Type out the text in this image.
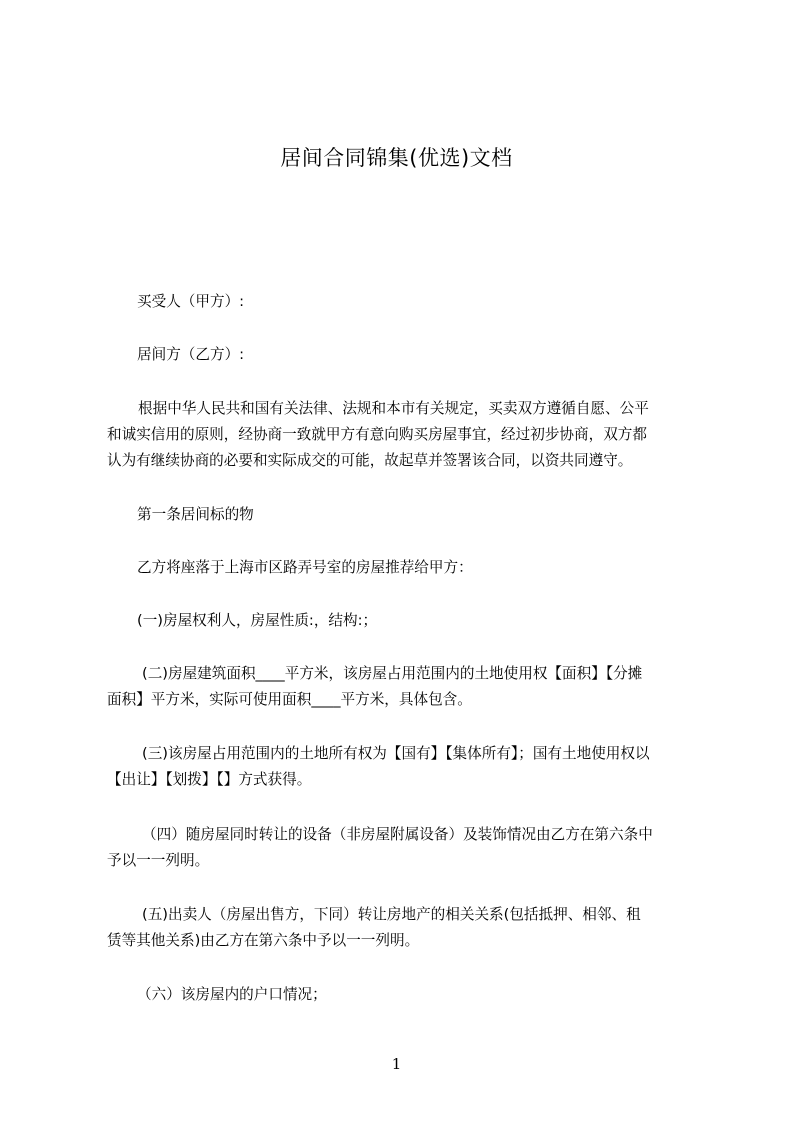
居间合同锦集(优选)文档
买受人（甲方）:
居间方（乙方）:
根据中华人民共和国有关法律、法规和本市有关规定，买卖双方遵循自愿、公平
和诚实信用的原则，经协商一致就甲方有意向购买房屋事宜，经过初步协商，双方都
认为有继续协商的必要和实际成交的可能，故起草并签署该合同，以资共同遵守。
第一条居间标的物
乙方将座落于上海市区路弄号室的房屋推荐给甲方：
(一)房屋权利人，房屋性质:，结构:；
(二)房屋建筑面积____平方米，该房屋占用范围内的土地使用权【面积】【分摊
面积】平方米，实际可使用面积____平方米，具体包含。
(三)该房屋占用范围内的土地所有权为【国有】【集体所有】；国有土地使用权以
【出让】【划拨】【】方式获得。
（四）随房屋同时转让的设备（非房屋附属设备）及装饰情况由乙方在第六条中
予以一一列明。
(五)出卖人（房屋出售方，下同）转让房地产的相关关系(包括抵押、相邻、租
赁等其他关系)由乙方在第六条中予以一一列明。
（六）该房屋内的户口情况；
1
